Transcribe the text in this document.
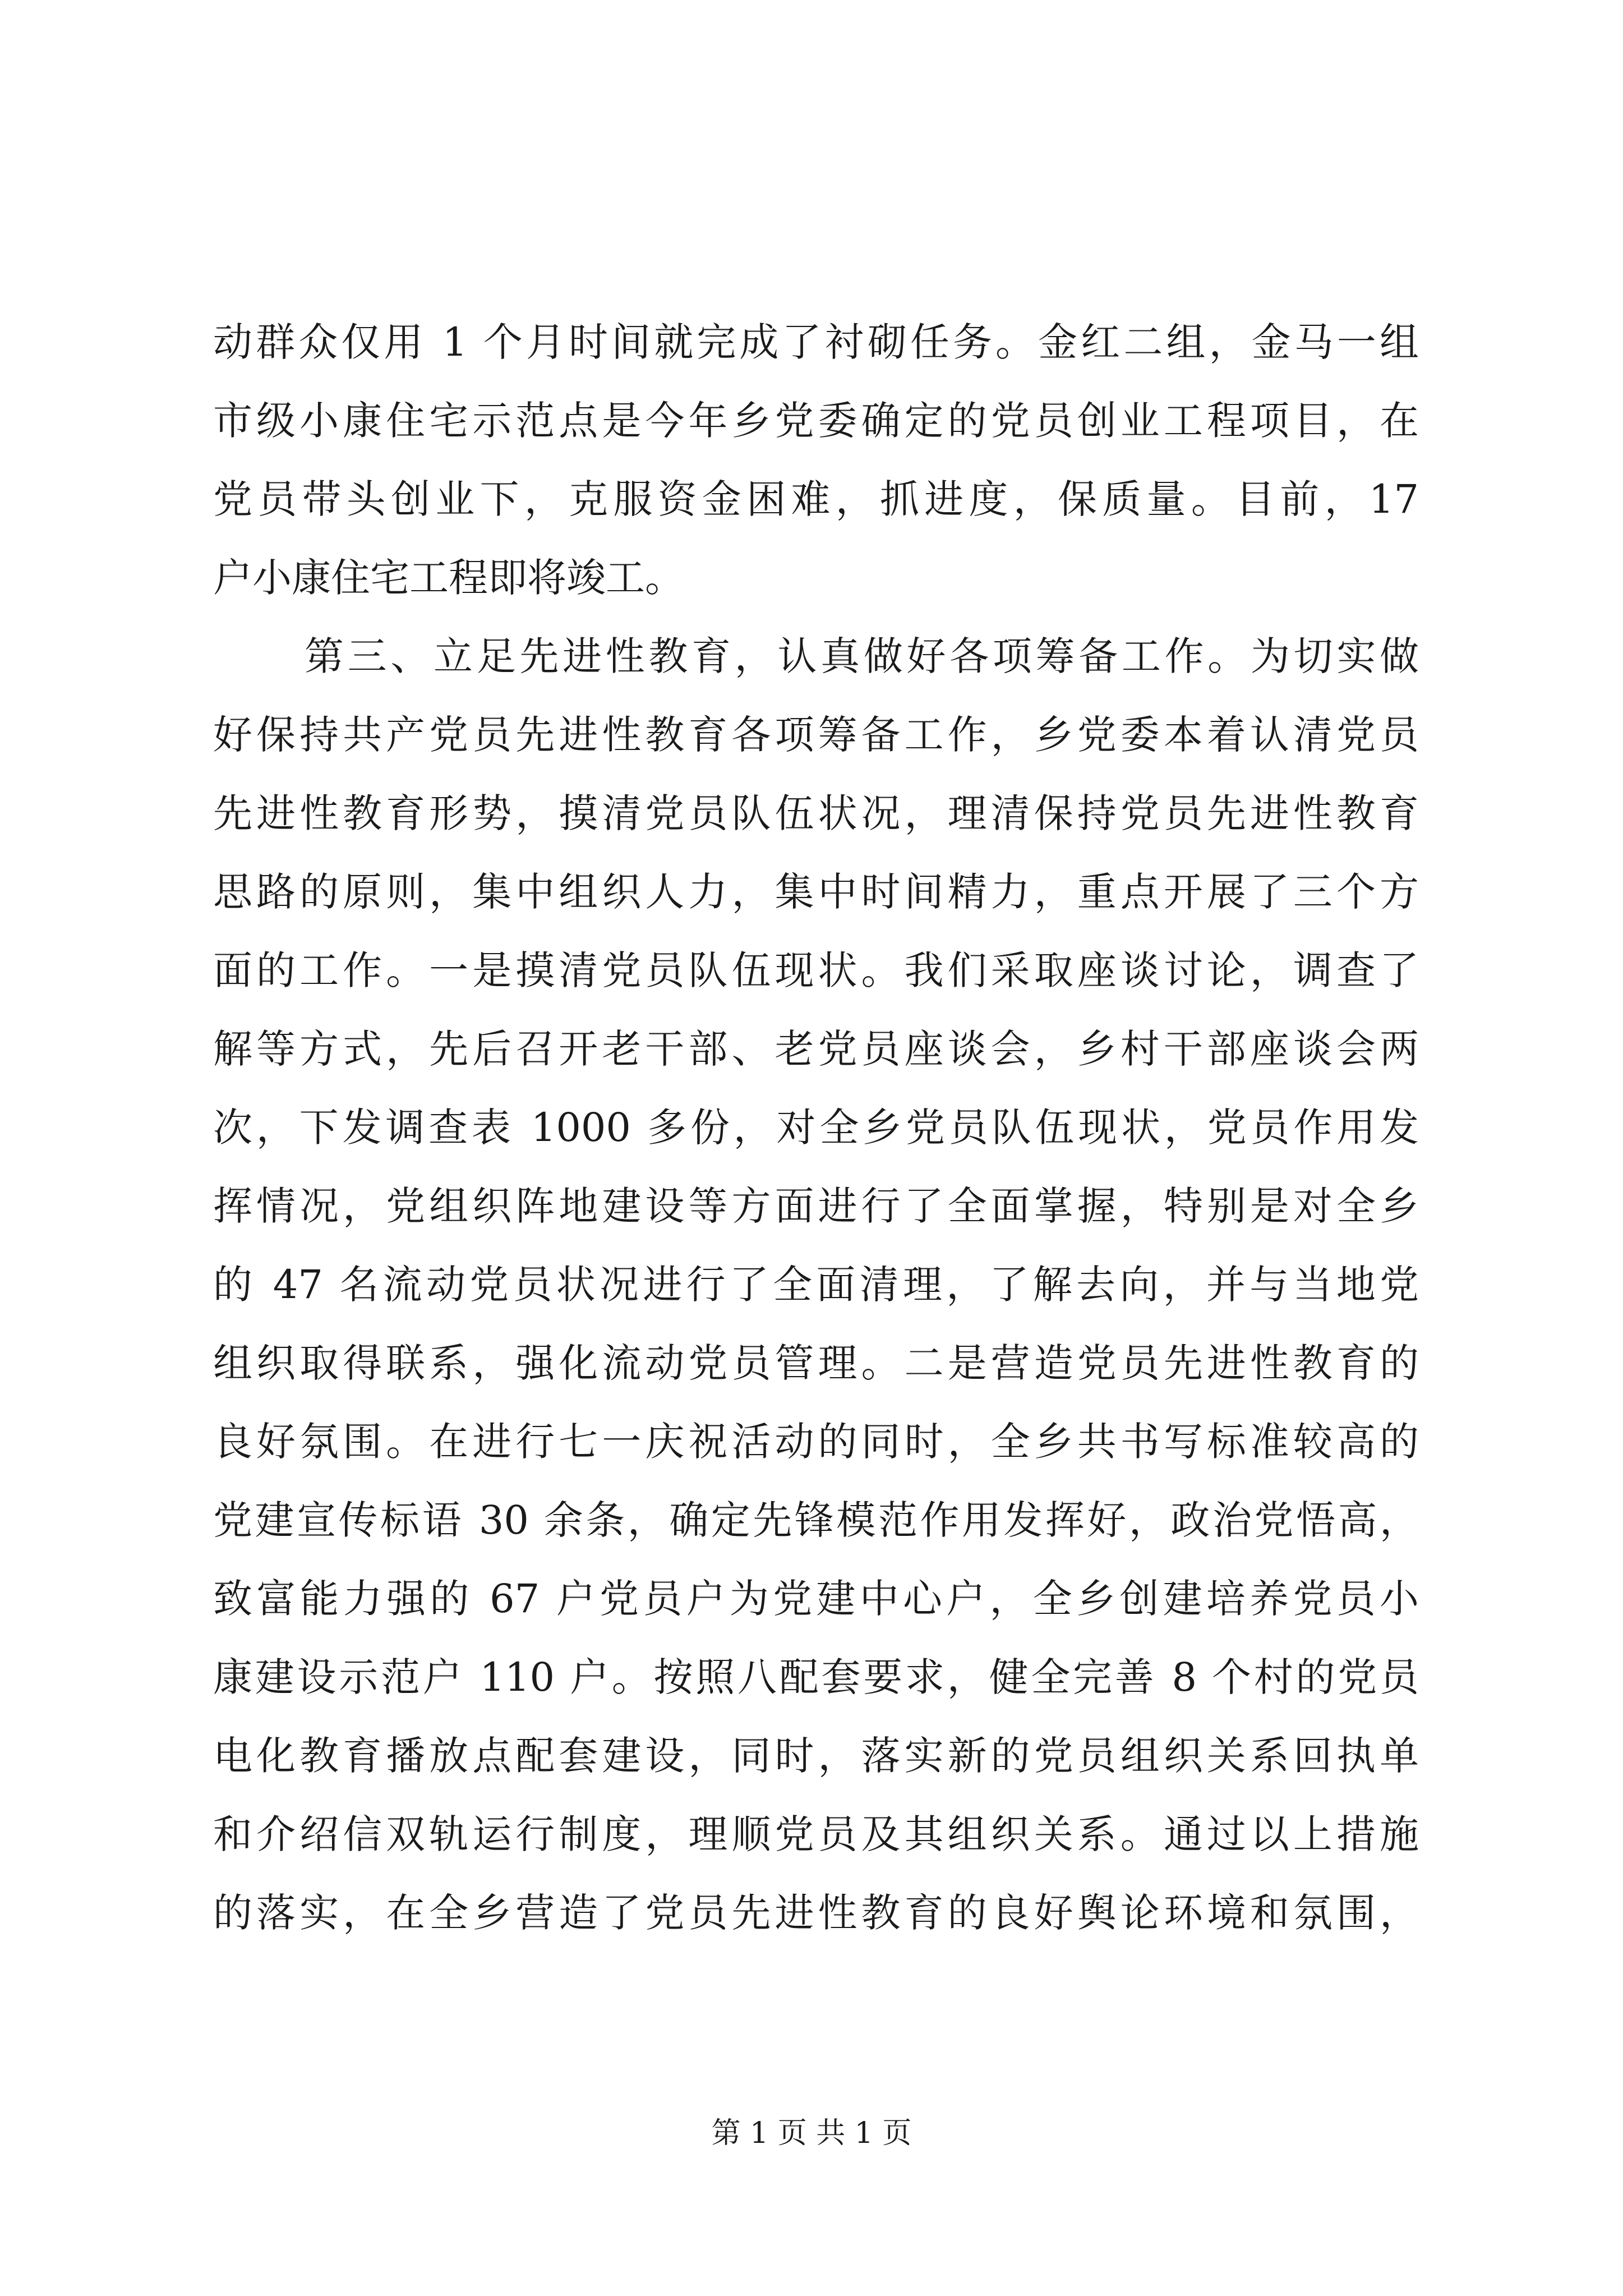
动群众仅用 1 个月时间就完成了衬砌任务。金红二组，金马一组
市级小康住宅示范点是今年乡党委确定的党员创业工程项目，在
党员带头创业下，克服资金困难，抓进度，保质量。目前，17
户小康住宅工程即将竣工。
第三、立足先进性教育，认真做好各项筹备工作。为切实做
好保持共产党员先进性教育各项筹备工作，乡党委本着认清党员
先进性教育形势，摸清党员队伍状况，理清保持党员先进性教育
思路的原则，集中组织人力，集中时间精力，重点开展了三个方
面的工作。一是摸清党员队伍现状。我们采取座谈讨论，调查了
解等方式，先后召开老干部、老党员座谈会，乡村干部座谈会两
次，下发调查表 1000 多份，对全乡党员队伍现状，党员作用发
挥情况，党组织阵地建设等方面进行了全面掌握，特别是对全乡
的 47 名流动党员状况进行了全面清理，了解去向，并与当地党
组织取得联系，强化流动党员管理。二是营造党员先进性教育的
良好氛围。在进行七一庆祝活动的同时，全乡共书写标准较高的
党建宣传标语 30 余条，确定先锋模范作用发挥好，政治党悟高，
致富能力强的 67 户党员户为党建中心户，全乡创建培养党员小
康建设示范户 110 户。按照八配套要求，健全完善 8 个村的党员
电化教育播放点配套建设，同时，落实新的党员组织关系回执单
和介绍信双轨运行制度，理顺党员及其组织关系。通过以上措施
的落实，在全乡营造了党员先进性教育的良好舆论环境和氛围，
第 1 页 共 1 页
